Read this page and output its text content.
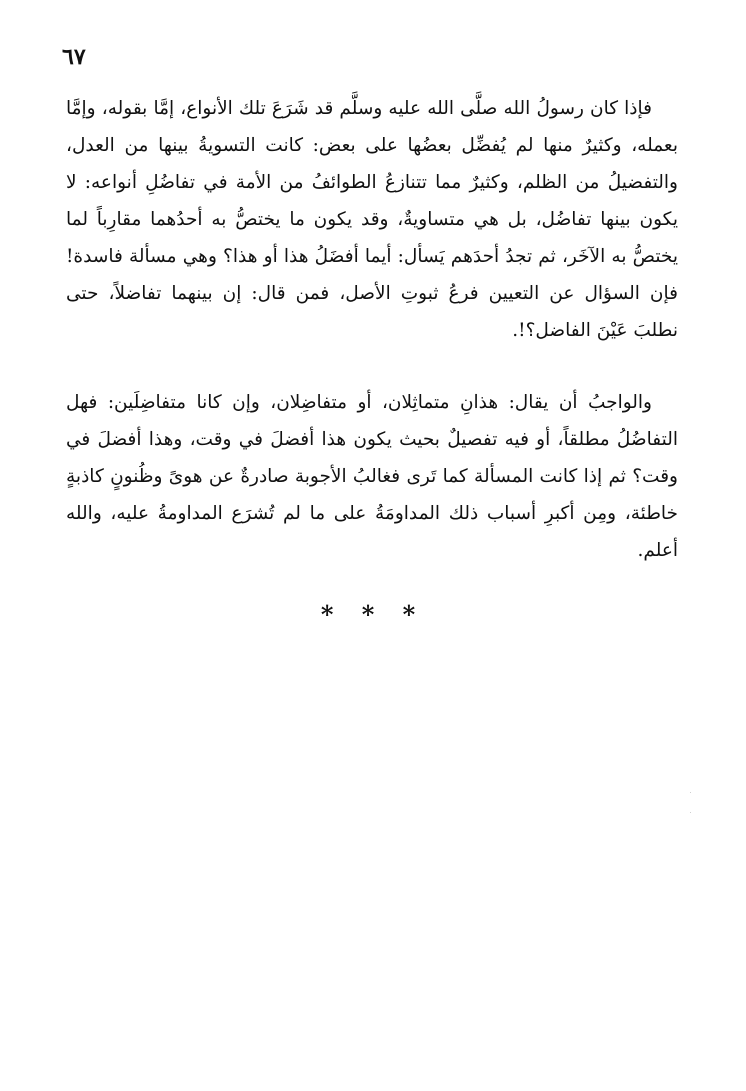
٦٧

فإذا كان رسولُ الله صلَّى الله عليه وسلَّم قد شَرَعَ تلك الأنواع، إمَّا بقوله، وإمَّا بعمله، وكثيرٌ منها لم يُفضِّل بعضُها على بعض: كانت التسويةُ بينها من العدل، والتفضيلُ من الظلم، وكثيرٌ مما تتنازعُ الطوائفُ من الأمة في تفاضُلِ أنواعه: لا يكون بينها تفاضُل، بل هي متساويةٌ، وقد يكون ما يختصُّ به أحدُهما مقارِباً لما يختصُّ به الآخَر، ثم تجدُ أحدَهم يَسأل: أيما أفضَلُ هذا أو هذا؟ وهي مسألة فاسدة! فإن السؤال عن التعيين فرعُ ثبوتِ الأصل، فمن قال: إن بينهما تفاضلاً، حتى نطلبَ عَيْنَ الفاضل؟!.

والواجبُ أن يقال: هذانِ متماثِلان، أو متفاضِلان، وإن كانا متفاضِلَين: فهل التفاضُلُ مطلقاً، أو فيه تفصيلٌ بحيث يكون هذا أفضلَ في وقت، وهذا أفضلَ في وقت؟ ثم إذا كانت المسألة كما تَرى فغالبُ الأجوبة صادرةٌ عن هوىً وظُنونٍ كاذبةٍ خاطئة، ومِن أكبرِ أسباب ذلك المداومَةُ على ما لم تُشرَع المداومةُ عليه، والله أعلم.

* * *
